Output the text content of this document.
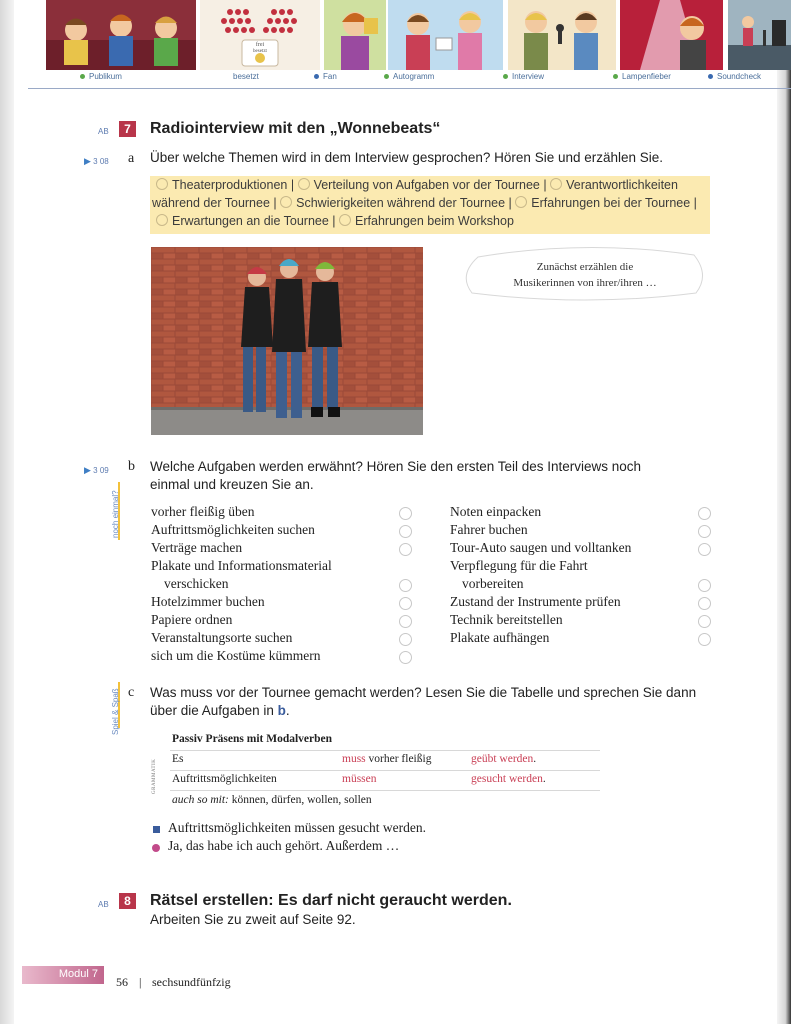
frei
besetzt
Publikum	besetzt	Fan	Autogramm	Interview	Lampenfieber	Soundcheck
AB	7	Radiointerview mit den „Wonnebeats“
▶ 3 08 a Über welche Themen wird in dem Interview gesprochen? Hören Sie und erzählen Sie.
Theaterproduktionen | Verteilung von Aufgaben vor der Tournee | Verantwortlichkeiten
während der Tournee | Schwierigkeiten während der Tournee | Erfahrungen bei der Tournee |
Erwartungen an die Tournee | Erfahrungen beim Workshop
Zunächst erzählen die
Musikerinnen von ihrer/ihren …
▶ 3 09 b Welche Aufgaben werden erwähnt? Hören Sie den ersten Teil des Interviews noch
einmal und kreuzen Sie an.
noch einmal? vorher fleißig üben
Auftrittsmöglichkeiten suchen
Verträge machen
Plakate und Informationsmaterial
verschicken
Hotelzimmer buchen
Papiere ordnen
Veranstaltungsorte suchen
sich um die Kostüme kümmern
Noten einpacken
Fahrer buchen
Tour-Auto saugen und volltanken
Verpflegung für die Fahrt
vorbereiten
Zustand der Instrumente prüfen
Technik bereitstellen
Plakate aufhängen
Spiel & Spaß c Was muss vor der Tournee gemacht werden? Lesen Sie die Tabelle und sprechen Sie dann
über die Aufgaben in b.
Passiv Präsens mit Modalverben
Es	muss vorher fleißig	geübt werden.
Auftrittsmöglichkeiten	müssen	gesucht werden.
auch so mit: können, dürfen, wollen, sollen
GRAMMATIK
Auftrittsmöglichkeiten müssen gesucht werden.
Ja, das habe ich auch gehört. Außerdem …
AB	8	Rätsel erstellen: Es darf nicht geraucht werden.
Arbeiten Sie zu zweit auf Seite 92.
Modul 7
56 | sechsundfünfzig
